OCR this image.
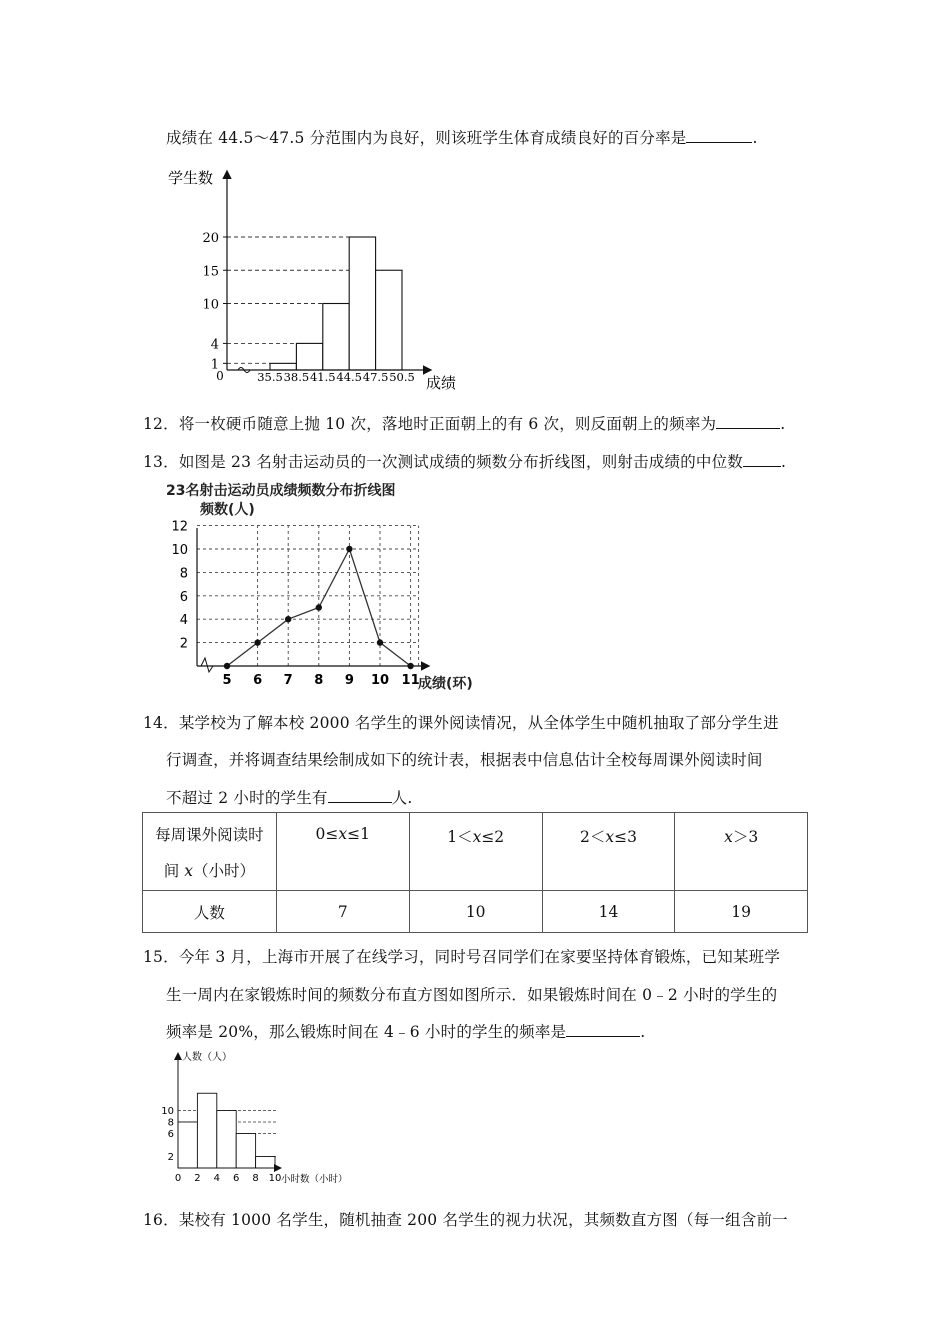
成绩在 44.5～47.5 分范围内为良好，则该班学生体育成绩良好的百分率是	.
1
4
10
15
20
35.5 38.5 41.5 44.5 47.5 50.5
0
学生数
成绩
12．将一枚硬币随意上抛 10 次，落地时正面朝上的有 6 次，则反面朝上的频率为	.
13．如图是 23 名射击运动员的一次测试成绩的频数分布折线图，则射击成绩的中位数 .
23名射击运动员成绩频数分布折线图
频数(人)
2
4
6
8
10
12
5 6 7 8 9 10 11
成绩(环)
14．某学校为了解本校 2000 名学生的课外阅读情况，从全体学生中随机抽取了部分学生进
行调查，并将调查结果绘制成如下的统计表，根据表中信息估计全校每周课外阅读时间
不超过 2 小时的学生有	人.
每周课外阅读时
间 x（小时）	0≤x≤1	1＜x≤2	2＜x≤3	x＞3
人数	7	10	14	19
15．今年 3 月，上海市开展了在线学习，同时号召同学们在家要坚持体育锻炼，已知某班学
生一周内在家锻炼时间的频数分布直方图如图所示．如果锻炼时间在 0﹣2 小时的学生的
频率是 20%，那么锻炼时间在 4﹣6 小时的学生的频率是	.
2
6
8
10
0 2 4 6 8 10
人数（人）
小时数（小时）
16．某校有 1000 名学生，随机抽查 200 名学生的视力状况，其频数直方图（每一组含前一
